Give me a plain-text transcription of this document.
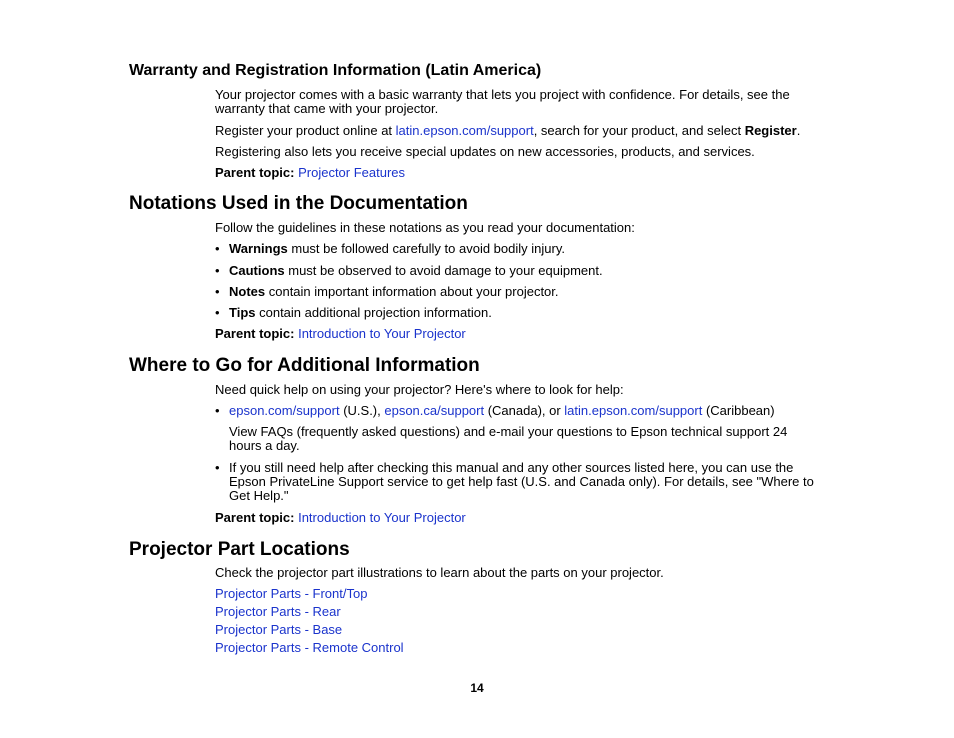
Warranty and Registration Information (Latin America)

Your projector comes with a basic warranty that lets you project with confidence. For details, see the warranty that came with your projector.

Register your product online at latin.epson.com/support, search for your product, and select Register.

Registering also lets you receive special updates on new accessories, products, and services.

Parent topic: Projector Features

Notations Used in the Documentation

Follow the guidelines in these notations as you read your documentation:

• Warnings must be followed carefully to avoid bodily injury.
• Cautions must be observed to avoid damage to your equipment.
• Notes contain important information about your projector.
• Tips contain additional projection information.

Parent topic: Introduction to Your Projector

Where to Go for Additional Information

Need quick help on using your projector? Here's where to look for help:

• epson.com/support (U.S.), epson.ca/support (Canada), or latin.epson.com/support (Caribbean)

View FAQs (frequently asked questions) and e-mail your questions to Epson technical support 24 hours a day.

• If you still need help after checking this manual and any other sources listed here, you can use the Epson PrivateLine Support service to get help fast (U.S. and Canada only). For details, see "Where to Get Help."

Parent topic: Introduction to Your Projector

Projector Part Locations

Check the projector part illustrations to learn about the parts on your projector.

Projector Parts - Front/Top

Projector Parts - Rear

Projector Parts - Base

Projector Parts - Remote Control

14
